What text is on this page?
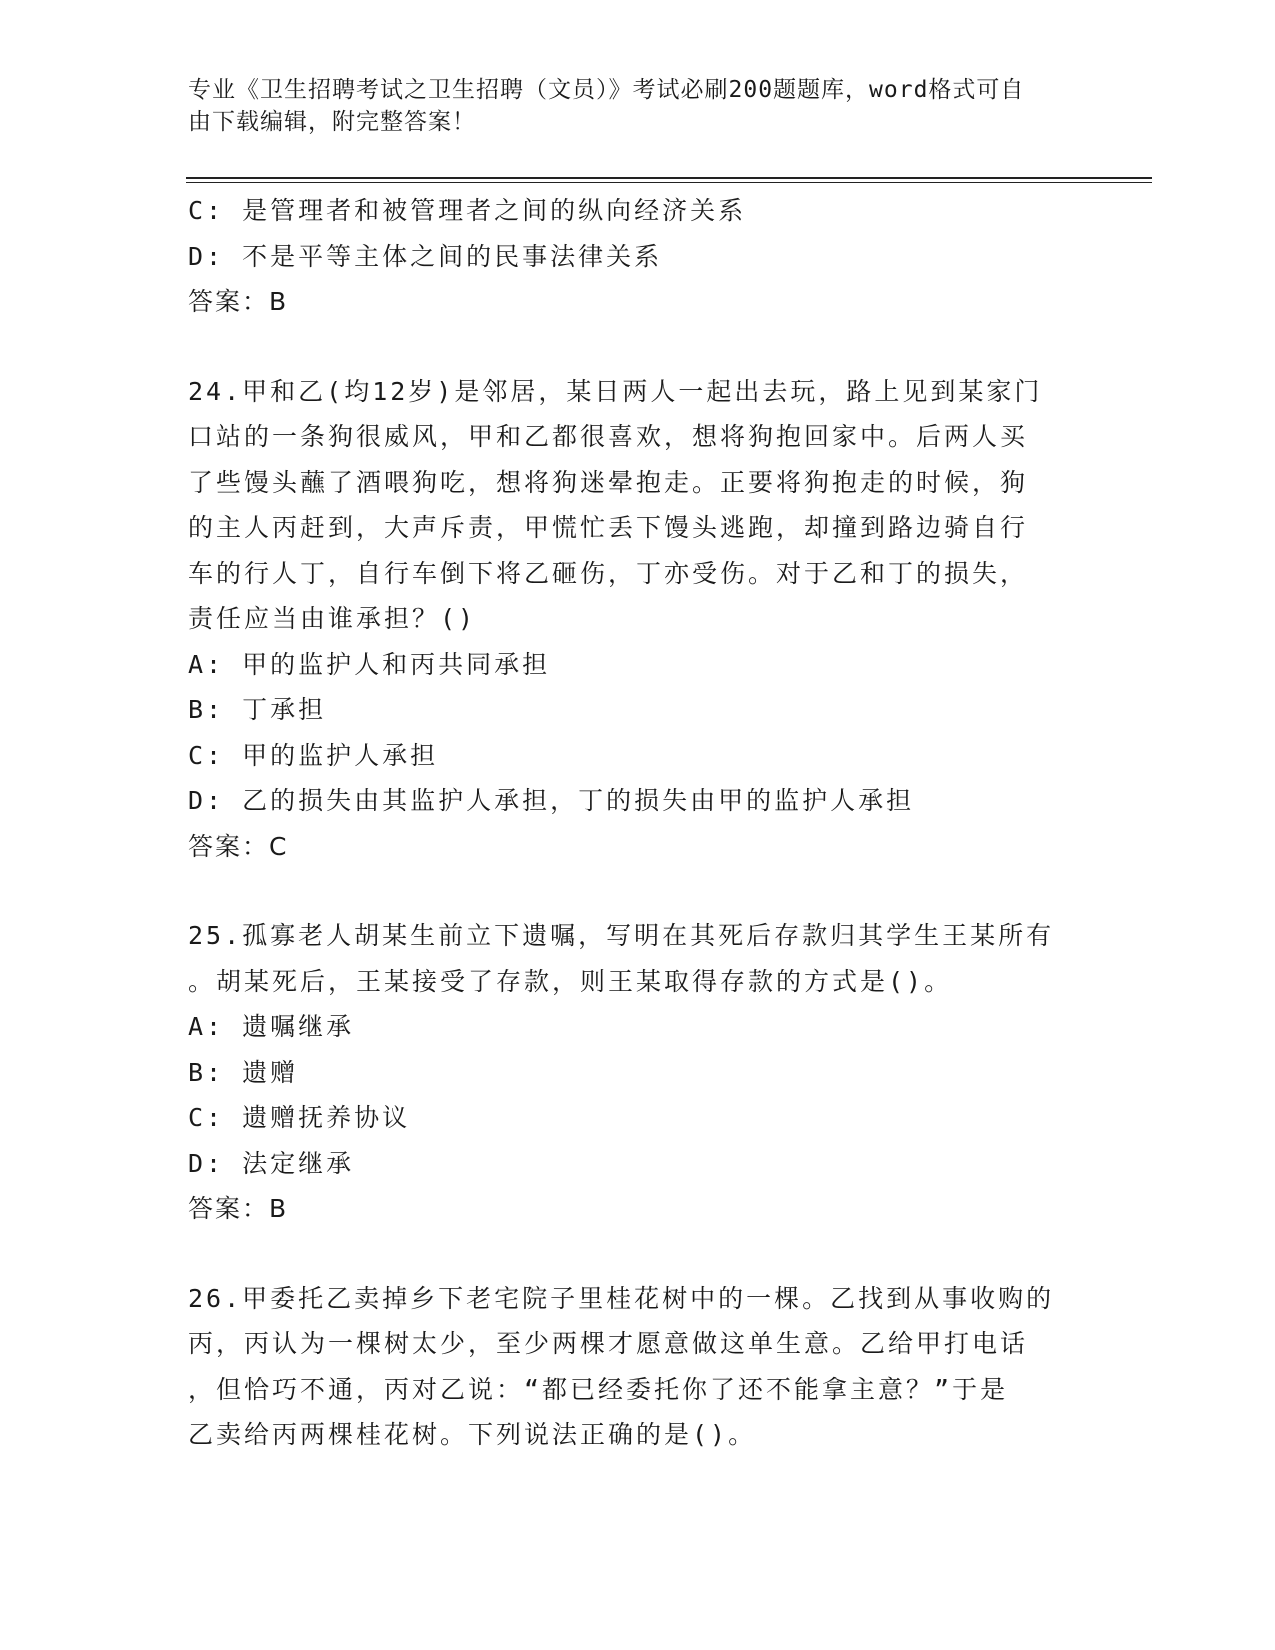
专业《卫生招聘考试之卫生招聘（文员）》考试必刷200题题库，word格式可自
由下载编辑，附完整答案！
C: 是管理者和被管理者之间的纵向经济关系
D: 不是平等主体之间的民事法律关系
答案：B
24.甲和乙(均12岁)是邻居，某日两人一起出去玩，路上见到某家门
口站的一条狗很威风，甲和乙都很喜欢，想将狗抱回家中。后两人买
了些馒头蘸了酒喂狗吃，想将狗迷晕抱走。正要将狗抱走的时候，狗
的主人丙赶到，大声斥责，甲慌忙丢下馒头逃跑，却撞到路边骑自行
车的行人丁，自行车倒下将乙砸伤，丁亦受伤。对于乙和丁的损失，
责任应当由谁承担？()
A: 甲的监护人和丙共同承担
B: 丁承担
C: 甲的监护人承担
D: 乙的损失由其监护人承担，丁的损失由甲的监护人承担
答案：C
25.孤寡老人胡某生前立下遗嘱，写明在其死后存款归其学生王某所有
。胡某死后，王某接受了存款，则王某取得存款的方式是()。
A: 遗嘱继承
B: 遗赠
C: 遗赠抚养协议
D: 法定继承
答案：B
26.甲委托乙卖掉乡下老宅院子里桂花树中的一棵。乙找到从事收购的
丙，丙认为一棵树太少，至少两棵才愿意做这单生意。乙给甲打电话
，但恰巧不通，丙对乙说：“都已经委托你了还不能拿主意？”于是
乙卖给丙两棵桂花树。下列说法正确的是()。
